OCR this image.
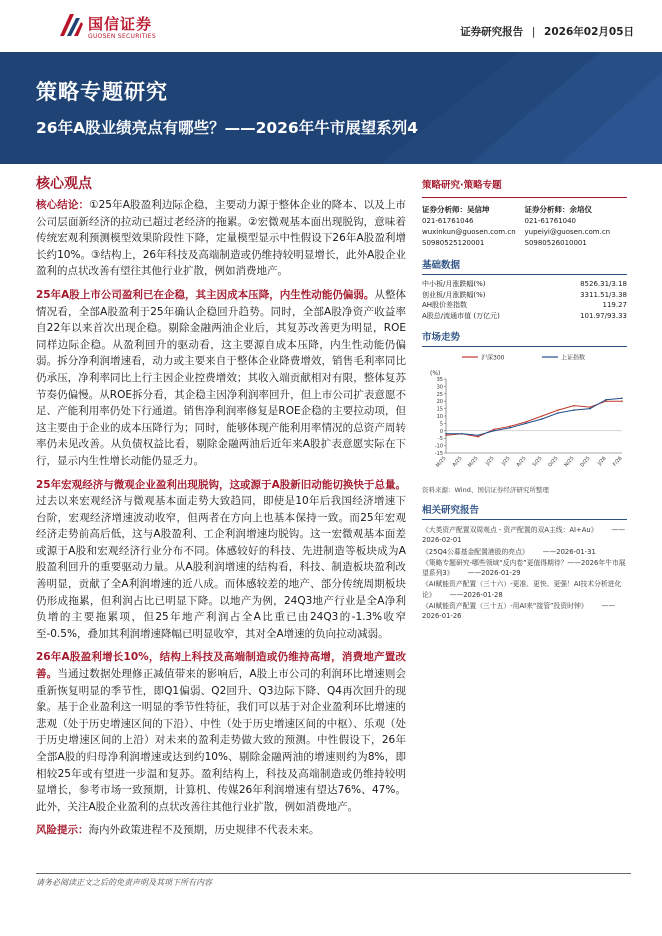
国信证券
GUOSEN SECURITIES	证券研究报告 | 2026年02月05日
策略专题研究
26年A股业绩亮点有哪些？——2026年牛市展望系列4
核心观点

核心结论：①25年A股盈利边际企稳，主要动力源于整体企业的降本、以及上市公司层面新经济的拉动已超过老经济的拖累。②宏微观基本面出现脱钩，意味着传统宏观利预测模型效果阶段性下降，定量模型显示中性假设下26年A股盈利增长约10%。③结构上，26年科技及高端制造或仍维持较明显增长，此外A股企业盈利的点状改善有望往其他行业扩散，例如消费地产。

25年A股上市公司盈利已在企稳，其主因成本压降，内生性动能仍偏弱。从整体情况看，全部A股盈利于25年确认企稳回升趋势。同时，全部A股净资产收益率自22年以来首次出现企稳。剔除金融两油企业后，其复苏改善更为明显，ROE同样边际企稳。从盈利回升的驱动看，这主要源自成本压降，内生性动能仍偏弱。拆分净利润增速看，动力或主要来自于整体企业降费增效，销售毛利率同比仍承压，净利率同比上行主因企业控费增效；其收入端贡献相对有限，整体复苏节奏仍偏慢。从ROE拆分看，其企稳主因净利润率回升，但上市公司扩表意愿不足、产能利用率仍处下行通道。销售净利润率修复是ROE企稳的主要拉动项，但这主要由于企业的成本压降行为；同时，能够体现产能利用率情况的总资产周转率仍未见改善。从负债权益比看，剔除金融两油后近年来A股扩表意愿实际在下行，显示内生性增长动能仍显乏力。

25年宏观经济与微观企业盈利出现脱钩，这或源于A股新旧动能切换快于总量。过去以来宏观经济与微观基本面走势大致趋同，即使是10年后我国经济增速下台阶，宏观经济增速波动收窄，但两者在方向上也基本保持一致。而25年宏观经济走势前高后低，这与A股盈利、工企利润增速均脱钩。这一宏微观基本面差或源于A股和宏观经济行业分布不同。体感较好的科技、先进制造等板块成为A股盈利回升的重要驱动力量。从A股利润增速的结构看，科技、制造板块盈利改善明显，贡献了全A利润增速的近八成。而体感较差的地产、部分传统周期板块仍形成拖累，但利润占比已明显下降。以地产为例，24Q3地产行业是全A净利负增的主要拖累项，但25年地产利润占全A比重已由24Q3的-1.3%收窄至-0.5%，叠加其利润增速降幅已明显收窄，其对全A增速的负向拉动减弱。

26年A股盈利增长10%，结构上科技及高端制造或仍维持高增，消费地产置改善。当通过数据处理修正减值带来的影响后，A股上市公司的利润环比增速则会重新恢复明显的季节性，即Q1偏弱、Q2回升、Q3边际下降、Q4再次回升的现象。基于企业盈利这一明显的季节性特征，我们可以基于对企业盈利环比增速的悲观（处于历史增速区间的下沿）、中性（处于历史增速区间的中枢）、乐观（处于历史增速区间的上沿）对未来的盈利走势做大致的预测。中性假设下，26年全部A股的归母净利润增速或达到约10%、剔除金融两油的增速则约为8%，即相较25年或有望进一步温和复苏。盈利结构上，科技及高端制造或仍维持较明显增长，参考市场一致预期，计算机、传媒26年利润增速有望达76%、47%。此外，关注A股企业盈利的点状改善往其他行业扩散，例如消费地产。

风险提示：海内外政策进程不及预期，历史规律不代表未来。

策略研究·策略专题
证券分析师：吴信坤
021-61761046
wuxinkun@guosen.com.cn
S0980525120001
证券分析师：余培仪
021-61761040
yupeiyi@guosen.com.cn
S0980526010001
基础数据
中小板/月涨跌幅(%)	8526.31/3.18
创业板/月涨跌幅(%)	3311.51/3.38
AH股价差指数	119.27
A股总/流通市值 (万亿元)	101.97/93.33
市场走势
沪深300	上证指数
(%)
35
30
25
20
15
10
5
0
-5
-10
-15
M/25 A/25 M/25 J/25 J/25 A/25 S/25 O/25 N/25 D/25 J/26 F/26
资料来源：Wind、国信证券经济研究所整理
相关研究报告
《大类资产配置双周观点 - 资产配置的双A主线：AI+Au》 ——2026-02-01
《25Q4公募基金配置港股的亮点》 ——2026-01-31
《策略专题研究-哪些领域“反内卷”更值得期待？——2026年牛市展望系列3》 ——2026-01-29
《AI赋能资产配置（三十六）-更准、更快、更强！AI技术分析进化论》 ——2026-01-28
《AI赋能资产配置（三十五）-用AI来“接管”投资时钟》 ——2026-01-26
请务必阅读正文之后的免责声明及其项下所有内容
